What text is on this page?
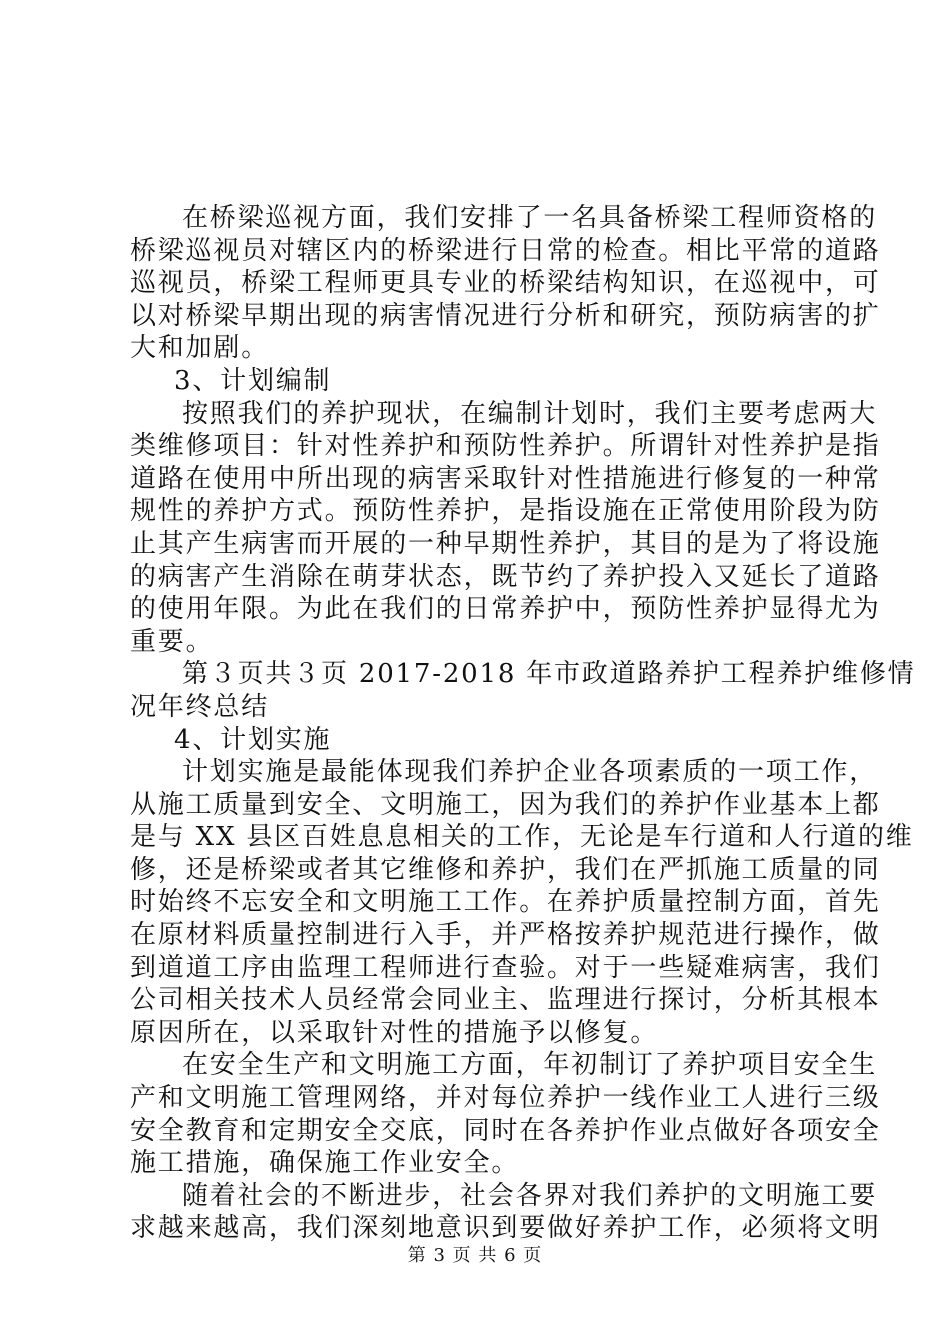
在桥梁巡视方面，我们安排了一名具备桥梁工程师资格的
桥梁巡视员对辖区内的桥梁进行日常的检查。相比平常的道路
巡视员，桥梁工程师更具专业的桥梁结构知识，在巡视中，可
以对桥梁早期出现的病害情况进行分析和研究，预防病害的扩
大和加剧。

3、计划编制

按照我们的养护现状，在编制计划时，我们主要考虑两大
类维修项目：针对性养护和预防性养护。所谓针对性养护是指
道路在使用中所出现的病害采取针对性措施进行修复的一种常
规性的养护方式。预防性养护，是指设施在正常使用阶段为防
止其产生病害而开展的一种早期性养护，其目的是为了将设施
的病害产生消除在萌芽状态，既节约了养护投入又延长了道路
的使用年限。为此在我们的日常养护中，预防性养护显得尤为
重要。
第３页共３页 2017-2018 年市政道路养护工程养护维修情
况年终总结

4、计划实施

计划实施是最能体现我们养护企业各项素质的一项工作，
从施工质量到安全、文明施工，因为我们的养护作业基本上都
是与 XX 县区百姓息息相关的工作，无论是车行道和人行道的维
修，还是桥梁或者其它维修和养护，我们在严抓施工质量的同
时始终不忘安全和文明施工工作。在养护质量控制方面，首先
在原材料质量控制进行入手，并严格按养护规范进行操作，做
到道道工序由监理工程师进行查验。对于一些疑难病害，我们
公司相关技术人员经常会同业主、监理进行探讨，分析其根本
原因所在，以采取针对性的措施予以修复。
在安全生产和文明施工方面，年初制订了养护项目安全生
产和文明施工管理网络，并对每位养护一线作业工人进行三级
安全教育和定期安全交底，同时在各养护作业点做好各项安全
施工措施，确保施工作业安全。
随着社会的不断进步，社会各界对我们养护的文明施工要
求越来越高，我们深刻地意识到要做好养护工作，必须将文明
第 3 页 共 6 页
